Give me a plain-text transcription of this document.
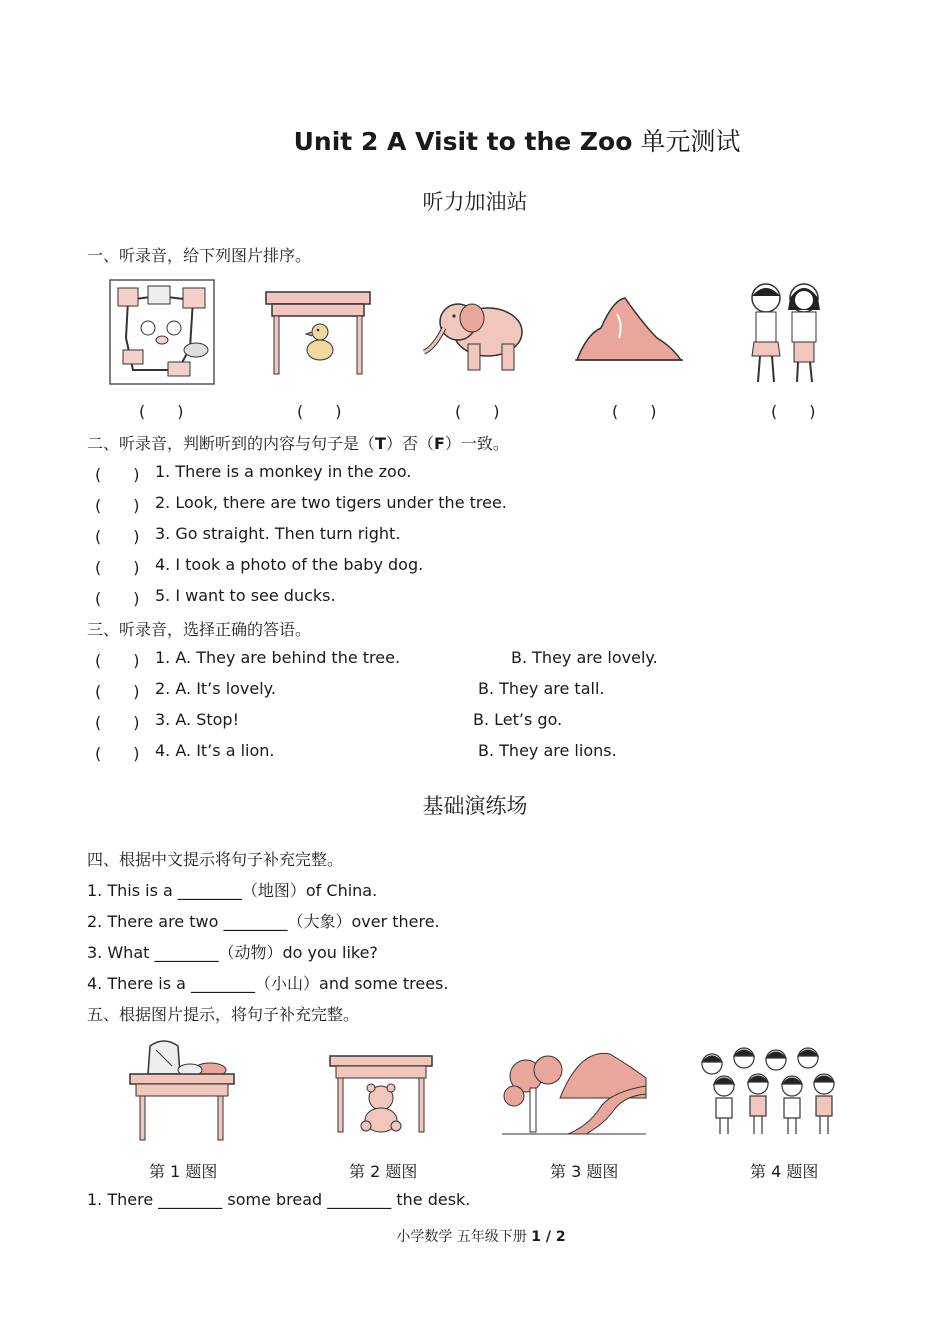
Unit 2 A Visit to the Zoo 单元测试
听力加油站
一、听录音，给下列图片排序。
(　　)	(　　)	(　　)	(　　)	(　　)
二、听录音，判断听到的内容与句子是（T）否（F）一致。
(　　) 1. There is a monkey in the zoo.
(　　) 2. Look, there are two tigers under the tree.
(　　) 3. Go straight. Then turn right.
(　　) 4. I took a photo of the baby dog.
(　　) 5. I want to see ducks.
三、听录音，选择正确的答语。
(　　) 1. A. They are behind the tree.	B. They are lovely.
(　　) 2. A. It’s lovely.	B. They are tall.
(　　) 3. A. Stop!	B. Let’s go.
(　　) 4. A. It’s a lion.	B. They are lions.
基础演练场
四、根据中文提示将句子补充完整。
1. This is a ________（地图）of China.
2. There are two ________（大象）over there.
3. What ________（动物）do you like?
4. There is a ________（小山）and some trees.
五、根据图片提示，将句子补充完整。
第 1 题图	第 2 题图	第 3 题图	第 4 题图
1. There ________ some bread ________ the desk.
小学数学 五年级下册 1 / 2
